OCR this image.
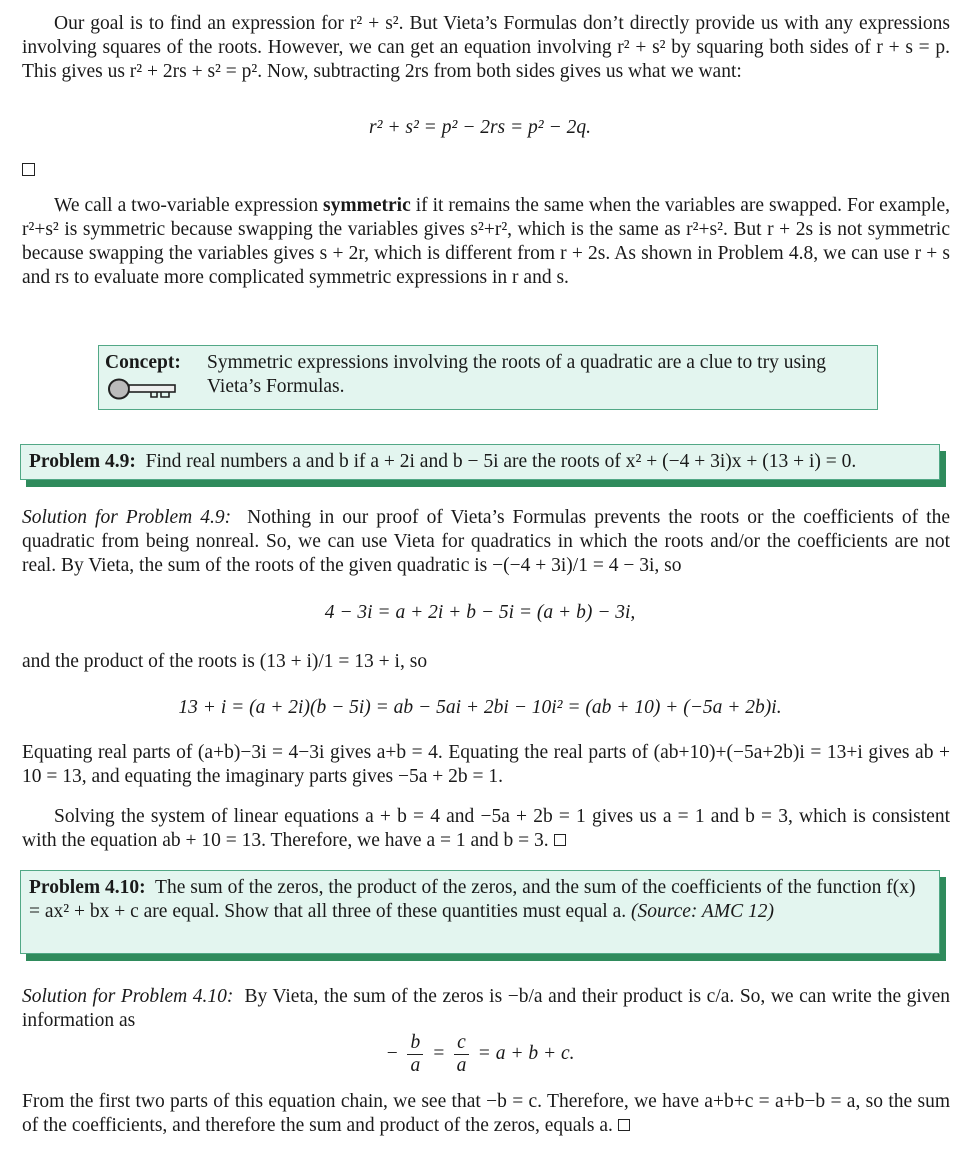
Our goal is to find an expression for r² + s². But Vieta’s Formulas don’t directly provide us with any expressions involving squares of the roots. However, we can get an equation involving r² + s² by squaring both sides of r + s = p. This gives us r² + 2rs + s² = p². Now, subtracting 2rs from both sides gives us what we want:

r² + s² = p² − 2rs = p² − 2q.

We call a two-variable expression symmetric if it remains the same when the variables are swapped. For example, r²+s² is symmetric because swapping the variables gives s²+r², which is the same as r²+s². But r + 2s is not symmetric because swapping the variables gives s + 2r, which is different from r + 2s. As shown in Problem 4.8, we can use r + s and rs to evaluate more complicated symmetric expressions in r and s.

Concept: Symmetric expressions involving the roots of a quadratic are a clue to try using Vieta’s Formulas.
Problem 4.9: Find real numbers a and b if a + 2i and b − 5i are the roots of x² + (−4 + 3i)x + (13 + i) = 0.

Solution for Problem 4.9: Nothing in our proof of Vieta’s Formulas prevents the roots or the coefficients of the quadratic from being nonreal. So, we can use Vieta for quadratics in which the roots and/or the coefficients are not real. By Vieta, the sum of the roots of the given quadratic is −(−4 + 3i)/1 = 4 − 3i, so

4 − 3i = a + 2i + b − 5i = (a + b) − 3i,

and the product of the roots is (13 + i)/1 = 13 + i, so

13 + i = (a + 2i)(b − 5i) = ab − 5ai + 2bi − 10i² = (ab + 10) + (−5a + 2b)i.

Equating real parts of (a+b)−3i = 4−3i gives a+b = 4. Equating the real parts of (ab+10)+(−5a+2b)i = 13+i gives ab + 10 = 13, and equating the imaginary parts gives −5a + 2b = 1.

Solving the system of linear equations a + b = 4 and −5a + 2b = 1 gives us a = 1 and b = 3, which is consistent with the equation ab + 10 = 13. Therefore, we have a = 1 and b = 3.

Problem 4.10: The sum of the zeros, the product of the zeros, and the sum of the coefficients of the function f(x) = ax² + bx + c are equal. Show that all three of these quantities must equal a. (Source: AMC 12)

Solution for Problem 4.10: By Vieta, the sum of the zeros is −b/a and their product is c/a. So, we can write the given information as

− $\frac{b}{a} = \frac{c}{a} = a + b + c$.

From the first two parts of this equation chain, we see that −b = c. Therefore, we have a+b+c = a+b−b = a, so the sum of the coefficients, and therefore the sum and product of the zeros, equals a.
